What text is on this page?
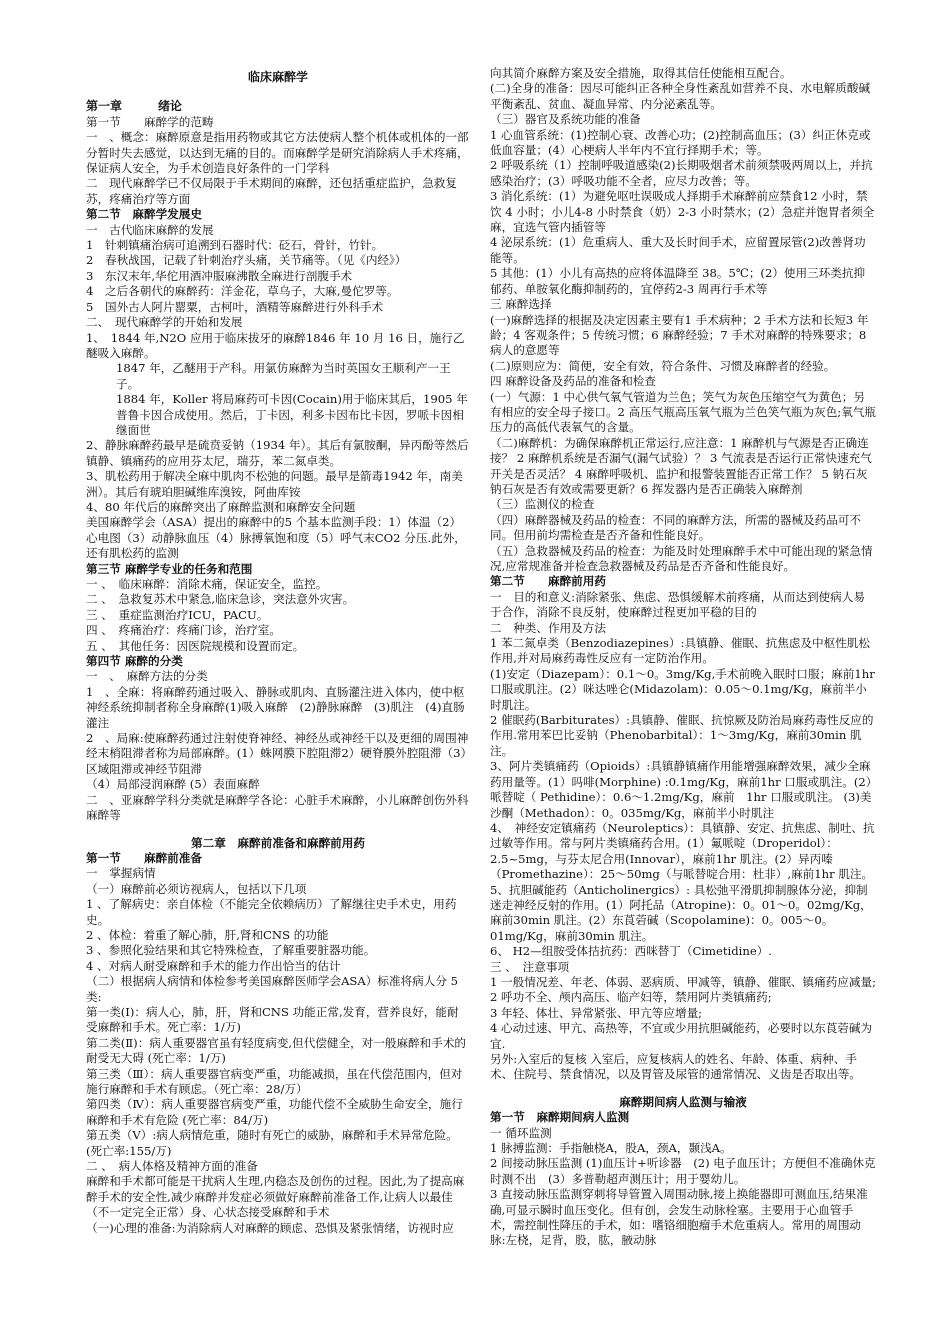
临床麻醉学

第一章　　　绪论

第一节　　麻醉学的范畴

一　、概念：麻醉原意是指用药物或其它方法使病人整个机体或机体的一部分暂时失去感觉，以达到无痛的目的。而麻醉学是研究消除病人手术疼痛，保证病人安全，为手术创造良好条件的一门学科

二　现代麻醉学已不仅局限于手术期间的麻醉，还包括重症监护，急救复苏，疼痛治疗等方面

第二节　麻醉学发展史

一　古代临床麻醉的发展

1　针刺镇痛治病可追溯到石器时代：砭石，骨针，竹针。

2　春秋战国，记载了针刺治疗头痛，关节痛等。（见《内经》）

3　东汉末年,华佗用酒冲服麻沸散全麻进行剖腹手术

4　之后各朝代的麻醉药：洋金花，草乌子，大麻,曼佗罗等。

5　国外古人阿片罂粟，古柯叶，酒精等麻醉进行外科手术

二、　现代麻醉学的开始和发展

1、　1844 年,N2O 应用于临床拔牙的麻醉1846 年 10 月 16 日，施行乙醚吸入麻醉。

1847 年，乙醚用于产科。用氯仿麻醉为当时英国女王顺利产一王子。

1884 年，Koller 将局麻药可卡因(Cocain)用于临床其后，1905 年普鲁卡因合成使用。然后，丁卡因，利多卡因布比卡因，罗哌卡因相继面世

2、静脉麻醉药最早是硫贲妥钠（1934 年）。其后有氯胺酮，异丙酚等然后镇静、镇痛药的应用芬太尼，瑞芬，苯二氮卓类。

3、肌松药用于解决全麻中肌肉不松弛的问题。最早是箭毒1942 年，南美洲）。其后有琥珀胆碱维库溴铵，阿曲库铵

4、80 年代后的麻醉突出了麻醉监测和麻醉安全问题

美国麻醉学会（ASA）提出的麻醉中的5 个基本监测手段：1）体温（2）心电图（3）动静脉血压（4）脉搏氧饱和度（5）呼气末CO2 分压.此外，还有肌松药的监测

第三节 麻醉学专业的任务和范围

一 、　临床麻醉：消除术痛，保证安全，监控。

二 、　急救复苏术中紧急,临床急诊，突法意外灾害。

三 、　重症监测治疗ICU，PACU。

四 、　疼痛治疗：疼痛门诊，治疗室。

五 、　其他任务：因医院规模和设置而定。

第四节 麻醉的分类

一　、　麻醉方法的分类

1　、全麻：将麻醉药通过吸入、静脉或肌肉、直肠灌注进入体内，使中枢神经系统抑制者称全身麻醉(1)吸入麻醉　(2)静脉麻醉　(3)肌注　(4)直肠灌注

2　、局麻:使麻醉药通过注射使脊神经、神经丛或神经干以及更细的周围神经末梢阻滞者称为局部麻醉。(1）蛛网膜下腔阻滞2）硬脊膜外腔阻滞（3）区域阻滞或神经节阻滞

（4）局部浸润麻醉 (5）表面麻醉

二　、亚麻醉学科分类就是麻醉学各论：心脏手术麻醉，小儿麻醉创伤外科麻醉等

第二章　麻醉前准备和麻醉前用药

第一节　　麻醉前准备

一　掌握病情

（一）麻醉前必须访视病人，包括以下几项

1 、了解病史：亲自体检（不能完全依赖病历）了解继往史手术史，用药史。

2 、体检：着重了解心肺，肝,肾和CNS 的功能

3 、参照化验结果和其它特殊检查，了解重要脏器功能。

4 、对病人耐受麻醉和手术的能力作出恰当的估计

（二）根据病人病情和体检参考美国麻醉医师学会ASA）标准将病人分 5 类:

第一类(Ⅰ)：病人心，肺，肝，肾和CNS 功能正常,发育，营养良好，能耐受麻醉和手术。死亡率：1/万)

第二类(Ⅱ)：病人重要器官虽有轻度病变,但代偿健全，对一般麻醉和手术的耐受无大碍 (死亡率：1/万)

第三类（Ⅲ）：病人重要器官病变严重，功能减损，虽在代偿范围内，但对施行麻醉和手术有顾虑。（死亡率：28/万）

第四类（Ⅳ）：病人重要器官病变严重，功能代偿不全威胁生命安全，施行麻醉和手术有危险 (死亡率：84/万)

第五类（Ⅴ）:病人病情危重，随时有死亡的威胁，麻醉和手术异常危险。(死亡率:155/万)

二 、　病人体格及精神方面的准备

麻醉和手术都可能是干扰病人生理,内稳态及创伤的过程。因此,为了提高麻醉手术的安全性,减少麻醉并发症必须做好麻醉前准备工作,让病人以最佳（不一定完全正常）身、心状态接受麻醉和手术

（一)心理的准备:为消除病人对麻醉的顾虑、恐惧及紧张情绪，访视时应

向其简介麻醉方案及安全措施，取得其信任使能相互配合。

(二)全身的准备：因尽可能纠正各种全身性紊乱如营养不良、水电解质酸碱平衡紊乱、贫血、凝血异常、内分泌紊乱等。

（三）器官及系统功能的准备

1 心血管系统：(1)控制心衰、改善心功；(2)控制高血压；(3）纠正休克或低血容量；(4）心梗病人半年内不宜行择期手术；等。

2 呼吸系统（1）控制呼吸道感染(2)长期吸烟者术前须禁吸两周以上，并抗感染治疗；(3）呼吸功能不全者，应尽力改善；等。

3 消化系统：(1）为避免呕吐误吸成人择期手术麻醉前应禁食12 小时，禁饮 4 小时；小儿4-8 小时禁食（奶）2-3 小时禁水；(2）急症并饱胃者须全麻，宜选气管内插管等

4 泌尿系统：(1）危重病人、重大及长时间手术，应留置尿管(2)改善肾功能等。

5 其他：(1）小儿有高热的应将体温降至 38。5℃；(2）使用三环类抗抑郁药、单胺氧化酶抑制药的，宜停药2-3 周再行手术等

三 麻醉选择

(一)麻醉选择的根据及决定因素主要有1 手术病种；2 手术方法和长短3 年龄；4 客观条件；5 传统习惯；6 麻醉经验；7 手术对麻醉的特殊要求；8 病人的意愿等

(二)原则应为：简便，安全有效，符合条件、习惯及麻醉者的经验。

四 麻醉设备及药品的准备和检查

(一）气源：1 中心供气氧气管道为兰色；笑气为灰色压缩空气为黄色；另有相应的安全母子接口。2 高压气瓶高压氧气瓶为兰色笑气瓶为灰色;氧气瓶压力的高低代表氧气的含量。

（二)麻醉机：为确保麻醉机正常运行,应注意：1 麻醉机与气源是否正确连接？ 2 麻醉机系统是否漏气(漏气试验）？ 3 气流表是否运行正常快速充气开关是否灵活？ 4 麻醉呼吸机、监护和报警装置能否正常工作？ 5 钠石灰钠石灰是否有效或需要更新？6 挥发器内是否正确装入麻醉剂

（三）监测仪的检查

（四）麻醉器械及药品的检查：不同的麻醉方法，所需的器械及药品可不同。但用前均需检查是否齐备和性能良好。

（五）急救器械及药品的检查：为能及时处理麻醉手术中可能出现的紧急情况,应常规准备并检查急救器械及药品是否齐备和性能良好。

第二节　　麻醉前用药

一　目的和意义:消除紧张、焦虑、恐惧缓解术前疼痛，从而达到使病人易于合作，消除不良反射，使麻醉过程更加平稳的目的

二　种类、作用及方法

1 苯二氮卓类（Benzodiazepines）:具镇静、催眠、抗焦虑及中枢性肌松作用,并对局麻药毒性反应有一定防治作用。

(1)安定（Diazepam）：0.1～0。3mg/Kg,手术前晚入眠时口服；麻前1hr 口服或肌注。(2）咪达唑仑(Midazolam)：0.05～0.1mg/Kg，麻前半小时肌注。

2 催眠药(Barbiturates）:具镇静、催眠、抗惊厥及防治局麻药毒性反应的作用.常用苯巴比妥钠（Phenobarbital）：1～3mg/Kg，麻前30min 肌注。

3、阿片类镇痛药（Opioids）:具镇静镇痛作用能增强麻醉效果，减少全麻药用量等。(1）吗啡(Morphine) :0.1mg/Kg，麻前1hr 口服或肌注。(2）哌替啶（ Pethidine）：0.6～1.2mg/Kg，麻前　1hr 口服或肌注。 (3)美沙酮（Methadon）：0。035mg/Kg，麻前半小时肌注

4、　神经安定镇痛药（Neuroleptics）：具镇静、安定、抗焦虑、制吐、抗过敏等作用。常与阿片类镇痛药合用。(1）氟哌啶（Droperidol）：2.5~5mg，与芬太尼合用(Innovar），麻前1hr 肌注。(2）异丙嗪（Promethazine）：25～50mg（与哌替啶合用：杜非）,麻前1hr 肌注。

5、抗胆碱能药（Anticholinergics）: 具松弛平滑肌抑制腺体分泌，抑制迷走神经反射的作用。(1）阿托品（Atropine)：0。01～0。02mg/Kg，麻前30min 肌注。(2）东莨菪碱（Scopolamine)：0。005～0。01mg/Kg，麻前30min 肌注。

6、 H2—组胺受体拮抗药：西咪替丁（Cimetidine）.

三 、　注意事项

1 一般情况差、年老、体弱、恶病质、甲减等，镇静、催眠、镇痛药应减量;

2 呼功不全、颅内高压、临产妇等，禁用阿片类镇痛药;

3 年轻、体壮、异常紧张、甲亢等应增量;

4 心动过速、甲亢、高热等，不宜或少用抗胆碱能药，必要时以东莨菪碱为宜.

另外:入室后的复核 入室后，应复核病人的姓名、年龄、体重、病种、手术、住院号、禁食情况，以及胃管及尿管的通常情况、义齿是否取出等。

麻醉期间病人监测与输液

第一节　麻醉期间病人监测

一 循环监测

1 脉搏监测：手指触桡A，股A，颈A，颞浅A。

2 间接动脉压监测 (1)血压计+听诊器　(2) 电子血压计；方便但不准确休克时测不出　(3）多普勒超声测压计；用于婴幼儿。

3 直接动脉压监测穿刺将导管置入周围动脉,接上换能器即可测血压,结果准确,可显示瞬时血压变化。但有创，会发生动脉栓塞。主要用于心血管手术，需控制性降压的手术，如：嗜铬细胞瘤手术危重病人。常用的周围动脉:左桡，足背，股，肱，腋动脉
